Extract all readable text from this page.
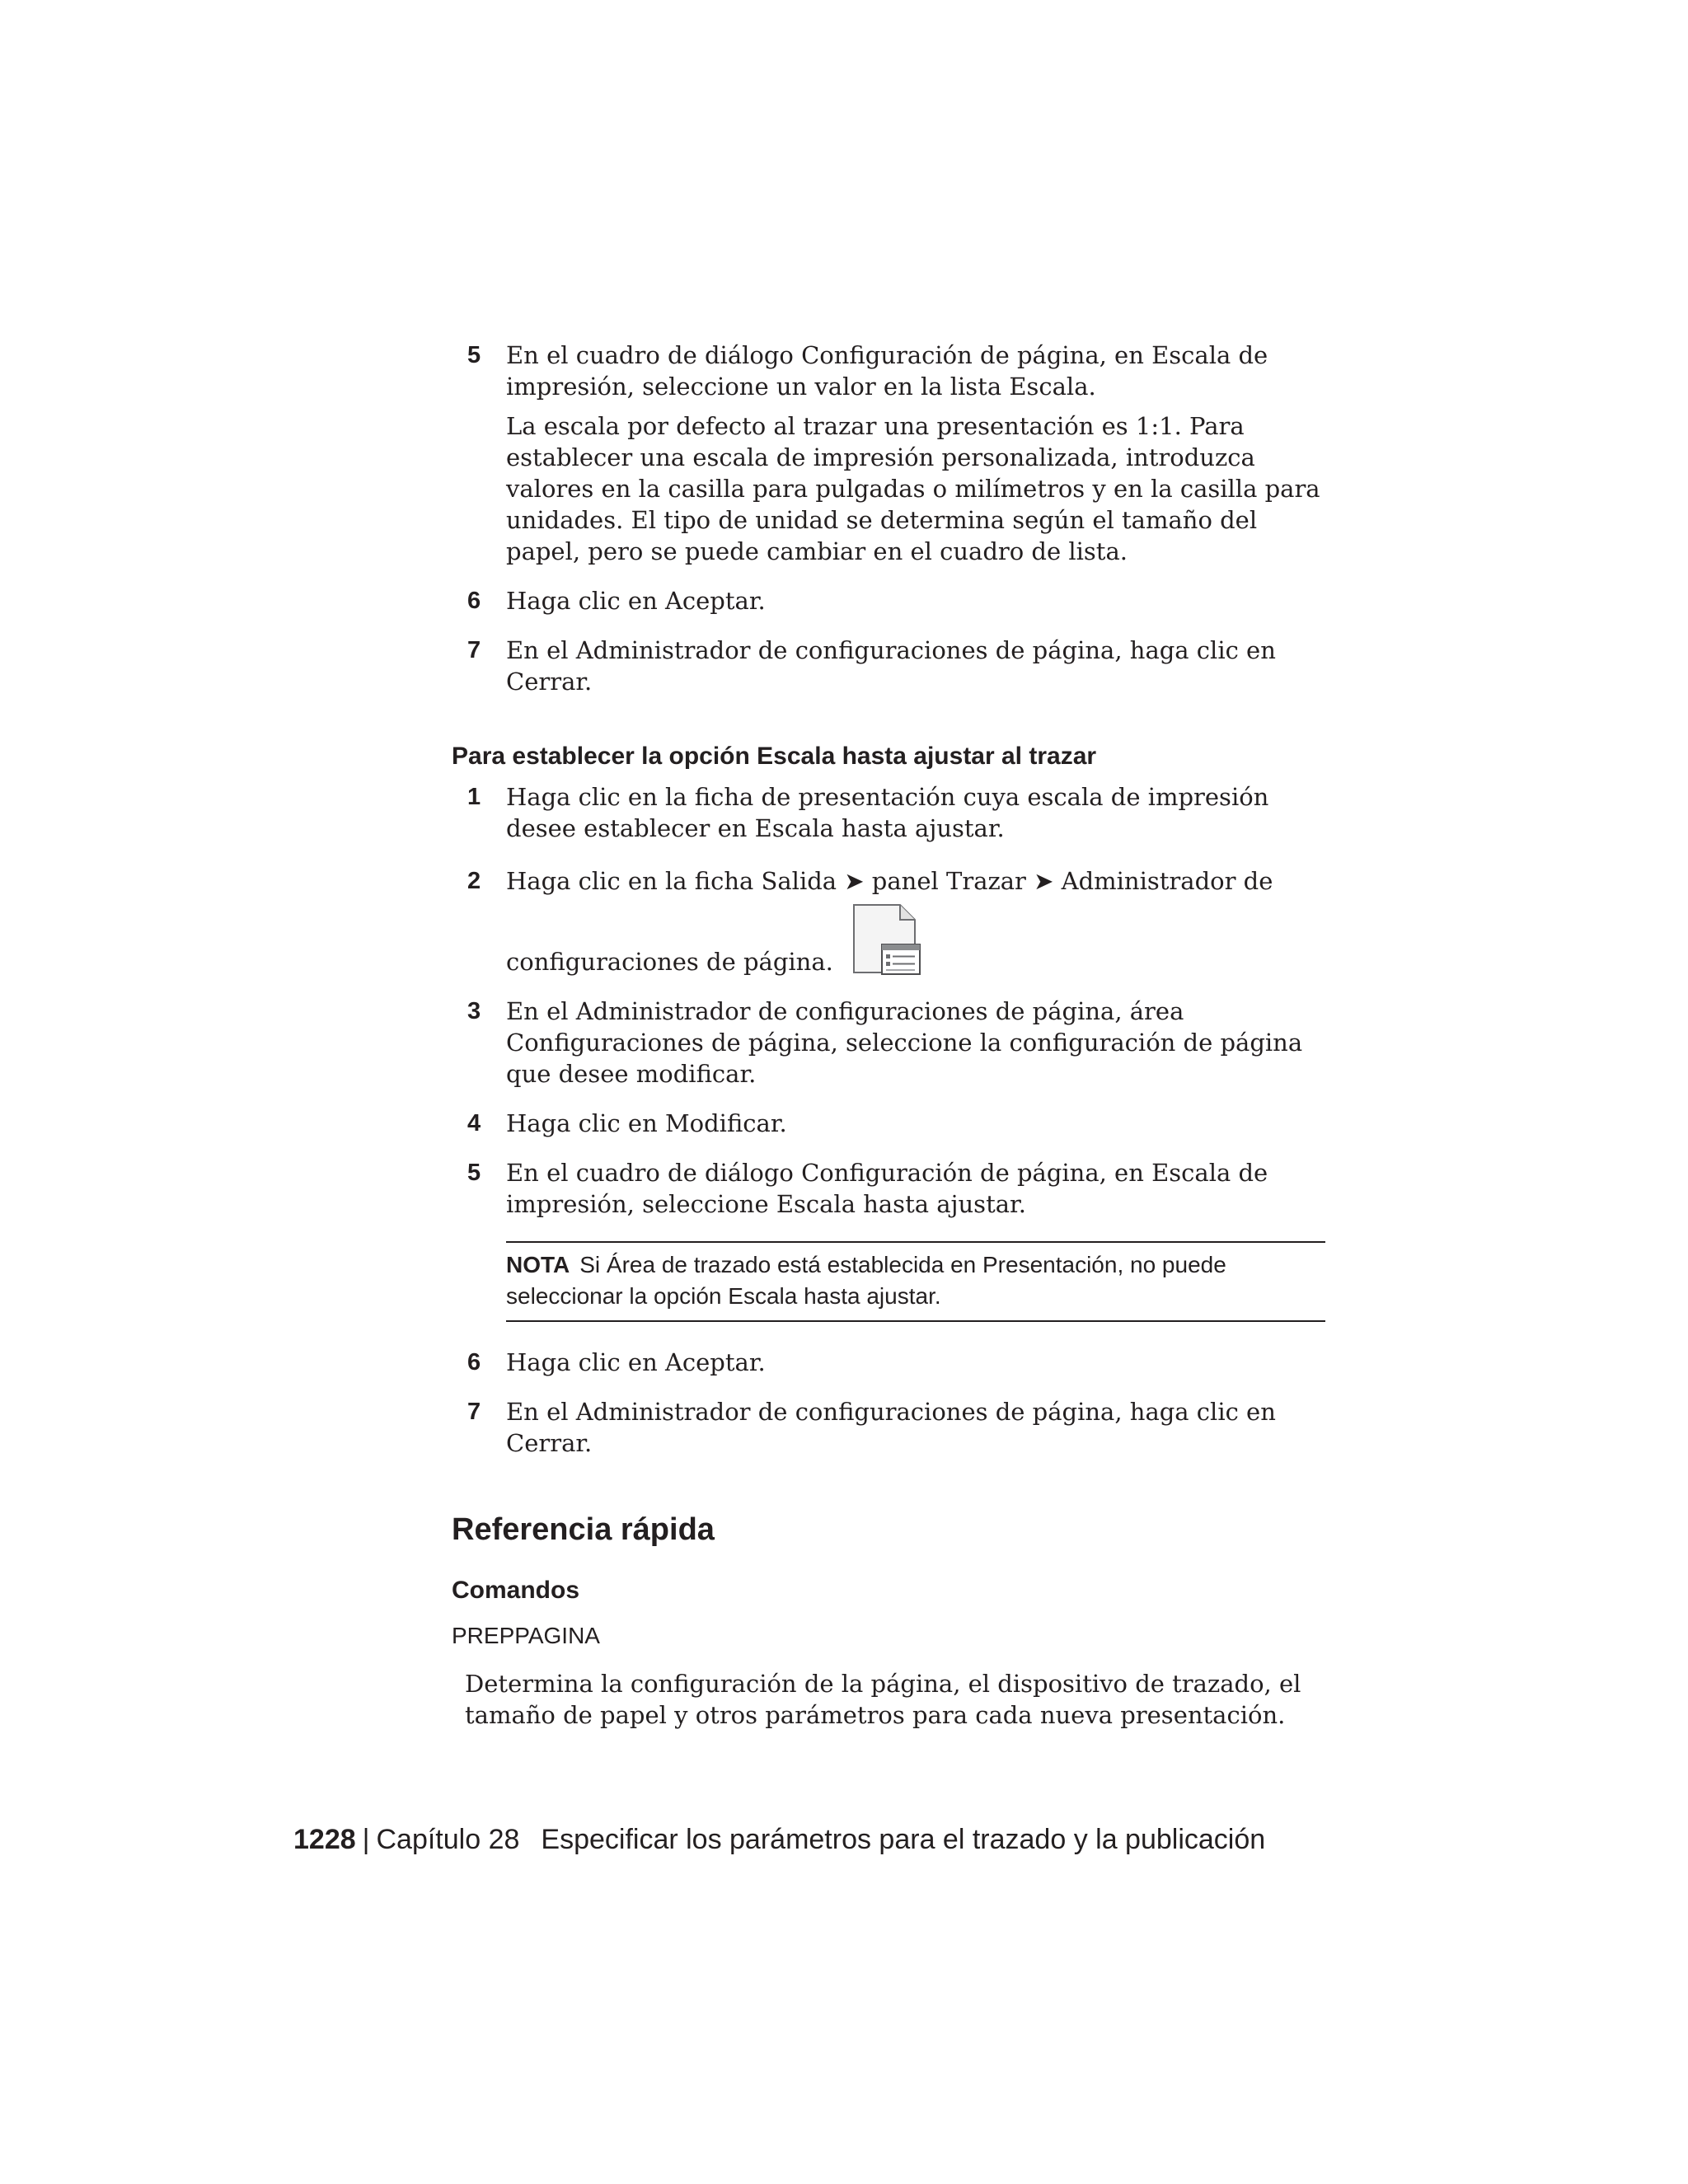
5 En el cuadro de diálogo Configuración de página, en Escala de impresión, seleccione un valor en la lista Escala.

La escala por defecto al trazar una presentación es 1:1. Para establecer una escala de impresión personalizada, introduzca valores en la casilla para pulgadas o milímetros y en la casilla para unidades. El tipo de unidad se determina según el tamaño del papel, pero se puede cambiar en el cuadro de lista.

6 Haga clic en Aceptar.

7 En el Administrador de configuraciones de página, haga clic en Cerrar.

Para establecer la opción Escala hasta ajustar al trazar
1 Haga clic en la ficha de presentación cuya escala de impresión desee establecer en Escala hasta ajustar.

2 Haga clic en la ficha Salida ➤ panel Trazar ➤ Administrador de

configuraciones de página.

3 En el Administrador de configuraciones de página, área Configuraciones de página, seleccione la configuración de página que desee modificar.

4 Haga clic en Modificar.

5 En el cuadro de diálogo Configuración de página, en Escala de impresión, seleccione Escala hasta ajustar.

NOTA Si Área de trazado está establecida en Presentación, no puede seleccionar la opción Escala hasta ajustar.
6 Haga clic en Aceptar.

7 En el Administrador de configuraciones de página, haga clic en Cerrar.

Referencia rápida
Comandos

PREPPAGINA

Determina la configuración de la página, el dispositivo de trazado, el tamaño de papel y otros parámetros para cada nueva presentación.

1228 | Capítulo 28 Especificar los parámetros para el trazado y la publicación
